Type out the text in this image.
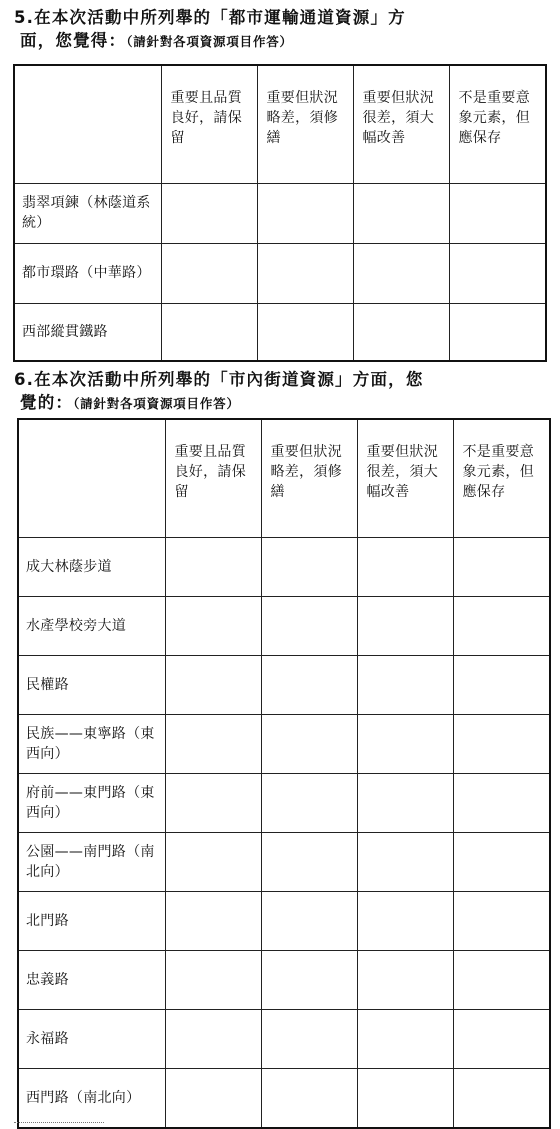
5.在本次活動中所列舉的「都市運輸通道資源」方
面，您覺得：（請針對各項資源項目作答）
	重要且品質良好，請保留	重要但狀況略差，須修繕	重要但狀況很差，須大幅改善	不是重要意象元素，但應保存
翡翠項鍊（林蔭道系統）				
都市環路（中華路）				
西部縱貫鐵路				
6.在本次活動中所列舉的「市內街道資源」方面，您
覺的：（請針對各項資源項目作答）
	重要且品質良好，請保留	重要但狀況略差，須修繕	重要但狀況很差，須大幅改善	不是重要意象元素，但應保存
成大林蔭步道				
水產學校旁大道				
民權路				
民族——東寧路（東西向）				
府前——東門路（東西向）				
公園——南門路（南北向）				
北門路				
忠義路				
永福路				
西門路（南北向）				
